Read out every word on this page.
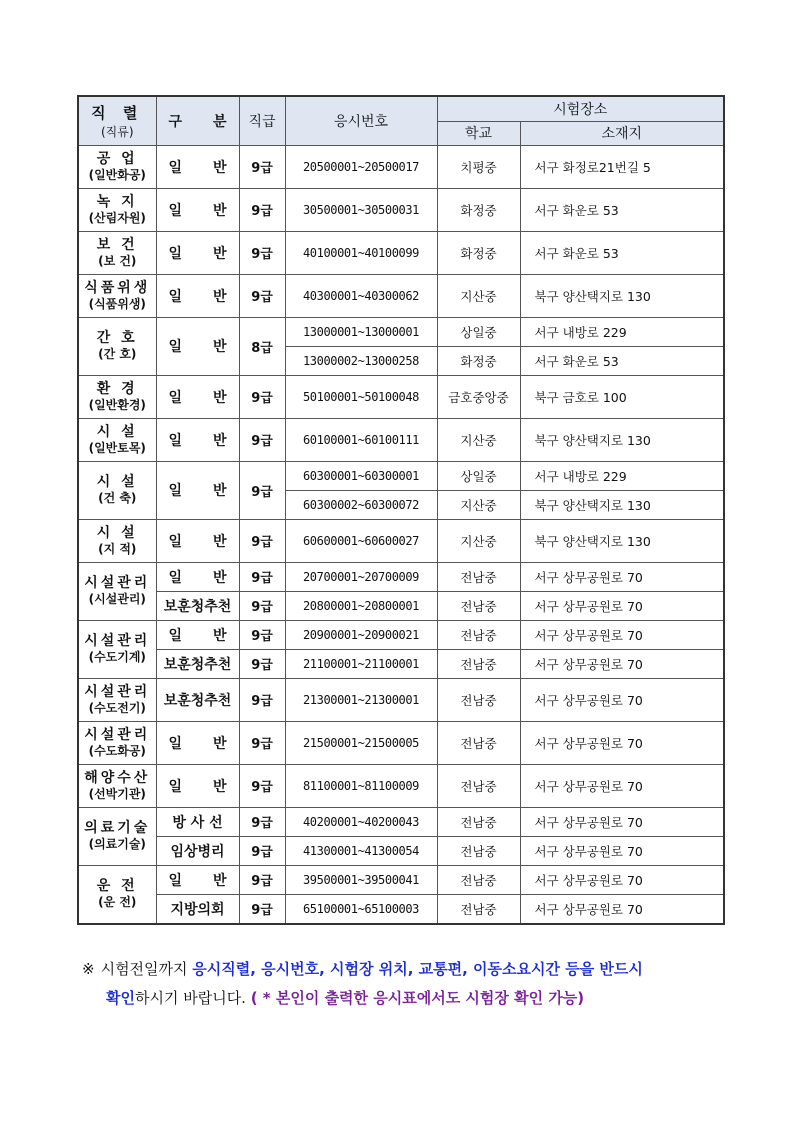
직 렬
(직류)	구 분	직급	응시번호	시험장소	
				학교	소재지

공 업
(일반화공)	일 반	9급	20500001~20500017	치평중	서구 화정로21번길 5

녹 지
(산림자원)	일 반	9급	30500001~30500031	화정중	서구 화운로 53

보 건
(보 건)	일 반	9급	40100001~40100099	화정중	서구 화운로 53

식품위생
(식품위생)	일 반	9급	40300001~40300062	지산중	북구 양산택지로 130

간 호
(간 호)	일 반	8급	13000001~13000001	상일중	서구 내방로 229
			13000002~13000258	화정중	서구 화운로 53

환 경
(일반환경)	일 반	9급	50100001~50100048	금호중앙중	북구 금호로 100

시 설
(일반토목)	일 반	9급	60100001~60100111	지산중	북구 양산택지로 130

시 설
(건 축)	일 반	9급	60300001~60300001	상일중	서구 내방로 229
			60300002~60300072	지산중	북구 양산택지로 130

시 설
(지 적)	일 반	9급	60600001~60600027	지산중	북구 양산택지로 130

시설관리
(시설관리)	일 반	9급	20700001~20700009	전남중	서구 상무공원로 70
	보훈청추천	9급	20800001~20800001	전남중	서구 상무공원로 70

시설관리
(수도기계)	일 반	9급	20900001~20900021	전남중	서구 상무공원로 70
	보훈청추천	9급	21100001~21100001	전남중	서구 상무공원로 70

시설관리
(수도전기)	보훈청추천	9급	21300001~21300001	전남중	서구 상무공원로 70

시설관리
(수도화공)	일 반	9급	21500001~21500005	전남중	서구 상무공원로 70

해양수산
(선박기관)	일 반	9급	81100001~81100009	전남중	서구 상무공원로 70

의료기술
(의료기술)	방 사 선	9급	40200001~40200043	전남중	서구 상무공원로 70
	임상병리	9급	41300001~41300054	전남중	서구 상무공원로 70

운 전
(운 전)	일 반	9급	39500001~39500041	전남중	서구 상무공원로 70
	지방의회	9급	65100001~65100003	전남중	서구 상무공원로 70
※ 시험전일까지 응시직렬, 응시번호, 시험장 위치, 교통편, 이동소요시간 등을 반드시
확인하시기 바랍니다. ( * 본인이 출력한 응시표에서도 시험장 확인 가능)
